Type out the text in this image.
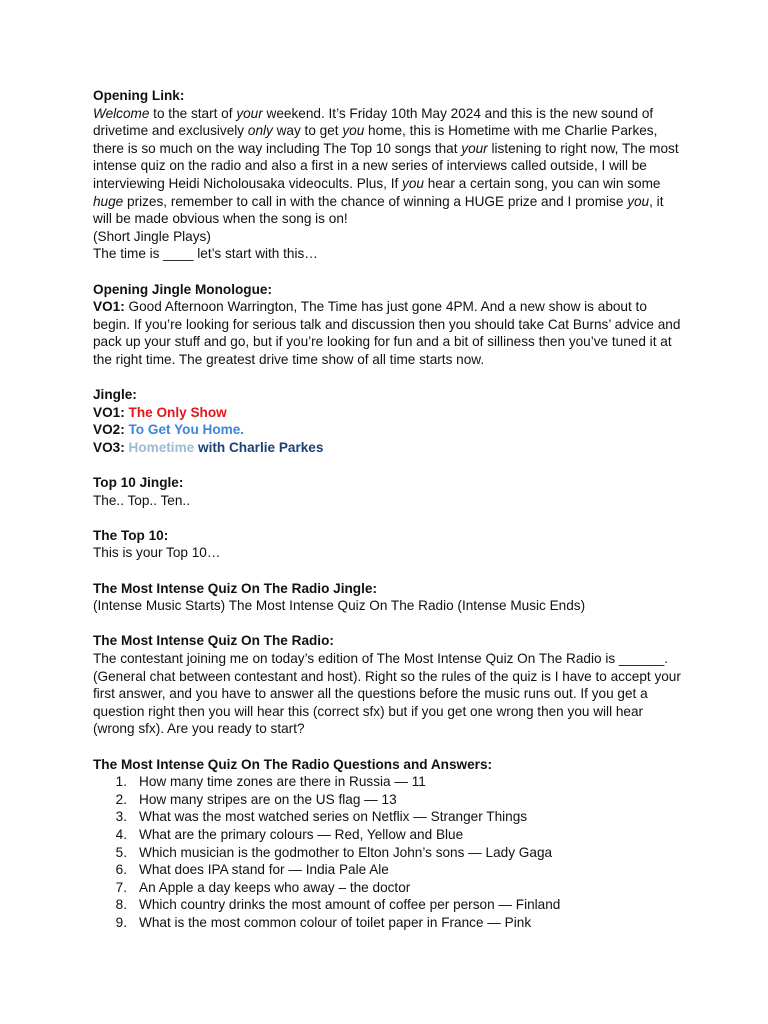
Opening Link:

Welcome to the start of your weekend. It’s Friday 10th May 2024 and this is the new sound of drivetime and exclusively only way to get you home, this is Hometime with me Charlie Parkes, there is so much on the way including The Top 10 songs that your listening to right now, The most intense quiz on the radio and also a first in a new series of interviews called outside, I will be interviewing Heidi Nicholousaka videocults. Plus, If you hear a certain song, you can win some huge prizes, remember to call in with the chance of winning a HUGE prize and I promise you, it will be made obvious when the song is on!

(Short Jingle Plays)

The time is ____ let’s start with this…

Opening Jingle Monologue:

VO1: Good Afternoon Warrington, The Time has just gone 4PM. And a new show is about to begin. If you’re looking for serious talk and discussion then you should take Cat Burns’ advice and pack up your stuff and go, but if you’re looking for fun and a bit of silliness then you’ve tuned it at the right time. The greatest drive time show of all time starts now.

Jingle:

VO1: The Only Show

VO2: To Get You Home.

VO3: Hometime with Charlie Parkes

Top 10 Jingle:

The.. Top.. Ten..

The Top 10:

This is your Top 10…

The Most Intense Quiz On The Radio Jingle:

(Intense Music Starts) The Most Intense Quiz On The Radio (Intense Music Ends)

The Most Intense Quiz On The Radio:

The contestant joining me on today’s edition of The Most Intense Quiz On The Radio is ______. (General chat between contestant and host). Right so the rules of the quiz is I have to accept your first answer, and you have to answer all the questions before the music runs out. If you get a question right then you will hear this (correct sfx) but if you get one wrong then you will hear (wrong sfx). Are you ready to start?

The Most Intense Quiz On The Radio Questions and Answers:

1. How many time zones are there in Russia — 11
2. How many stripes are on the US flag — 13
3. What was the most watched series on Netflix — Stranger Things
4. What are the primary colours — Red, Yellow and Blue
5. Which musician is the godmother to Elton John’s sons — Lady Gaga
6. What does IPA stand for — India Pale Ale
7. An Apple a day keeps who away – the doctor
8. Which country drinks the most amount of coffee per person — Finland
9. What is the most common colour of toilet paper in France — Pink
